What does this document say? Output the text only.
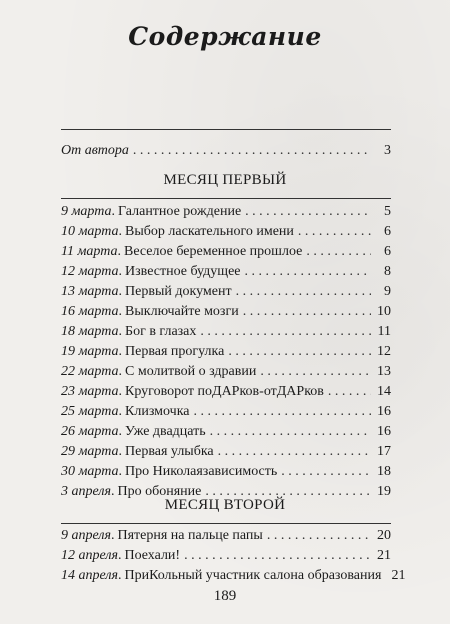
Содержание
От автора . . .	3
МЕСЯЦ ПЕРВЫЙ
9 марта . Галантное рождение . . .	5
10 марта . Выбор ласкательного имени . . .	6
11 марта . Веселое беременное прошлое . . .	6
12 марта . Известное будущее . . .	8
13 марта . Первый документ . . .	9
16 марта . Выключайте мозги . . .	10
18 марта . Бог в глазах . . .	11
19 марта . Первая прогулка . . .	12
22 марта . С молитвой о здравии . . .	13
23 марта . Круговорот поДАРков-отДАРков . . .	14
25 марта . Клизмочка . . .	16
26 марта . Уже двадцать . . .	16
29 марта . Первая улыбка . . .	17
30 марта . Про Николаязависимость . . .	18
3 апреля . Про обоняние . . .	19
МЕСЯЦ ВТОРОЙ
9 апреля . Пятерня на пальце папы . . .	20
12 апреля . Поехали! . . .	21
14 апреля . ПриКольный участник салона образования 21
189
